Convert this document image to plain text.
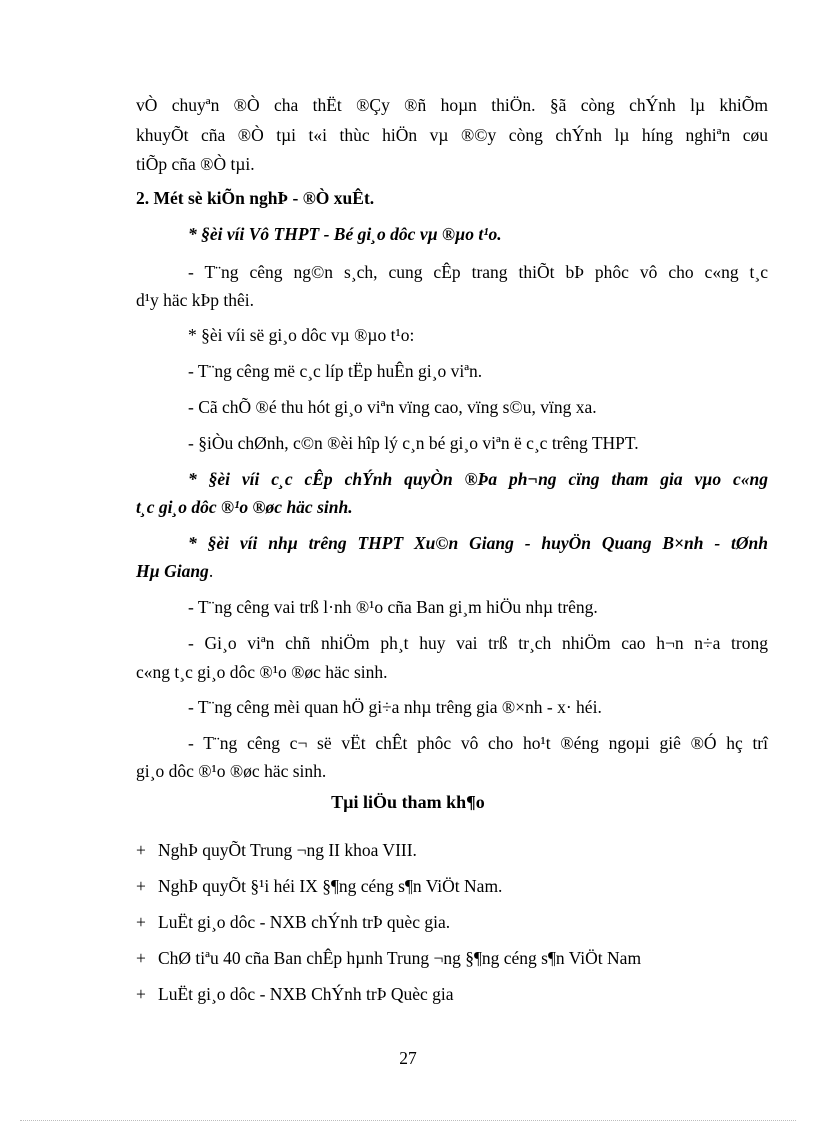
vÒ chuyªn ®Ò cha thËt ®Çy ®ñ hoµn thiÖn. §ã còng chÝnh lµ khiÕm
khuyÕt cña ®Ò tµi t«i thùc hiÖn vµ ®©y còng chÝnh lµ híng nghiªn cøu
tiÕp cña ®Ò tµi.
2. Mét sè kiÕn nghÞ - ®Ò xuÊt.
* §èi víi Vô THPT - Bé gi¸o dôc vµ ®µo t¹o.
- T¨ng cêng ng©n s¸ch, cung cÊp trang thiÕt bÞ phôc vô cho c«ng t¸c
d¹y häc kÞp thêi.
* §èi víi së gi¸o dôc vµ ®µo t¹o:
- T¨ng cêng më c¸c líp tËp huÊn gi¸o viªn.
- Cã chÕ ®é thu hót gi¸o viªn vïng cao, vïng s©u, vïng xa.
- §iÒu chØnh, c©n ®èi hîp lý c¸n bé gi¸o viªn ë c¸c trêng THPT.
* §èi víi c¸c cÊp chÝnh quyÒn ®Þa ph¬ng cïng tham gia vµo c«ng
t¸c gi¸o dôc ®¹o ®øc häc sinh.
* §èi víi nhµ trêng THPT Xu©n Giang - huyÖn Quang B×nh - tØnh
Hµ Giang.
- T¨ng cêng vai trß l·nh ®¹o cña Ban gi¸m hiÖu nhµ trêng.
- Gi¸o viªn chñ nhiÖm ph¸t huy vai trß tr¸ch nhiÖm cao h¬n n÷a trong
c«ng t¸c gi¸o dôc ®¹o ®øc häc sinh.
- T¨ng cêng mèi quan hÖ gi÷a nhµ trêng gia ®×nh - x· héi.
- T¨ng cêng c¬ së vËt chÊt phôc vô cho ho¹t ®éng ngoµi giê ®Ó hç trî
gi¸o dôc ®¹o ®øc häc sinh.
Tµi liÖu tham kh¶o
+ NghÞ quyÕt Trung ¬ng II khoa VIII.
+ NghÞ quyÕt §¹i héi IX §¶ng céng s¶n ViÖt Nam.
+ LuËt gi¸o dôc - NXB chÝnh trÞ quèc gia.
+ ChØ tiªu 40 cña Ban chÊp hµnh Trung ¬ng §¶ng céng s¶n ViÖt Nam
+ LuËt gi¸o dôc - NXB ChÝnh trÞ Quèc gia
27
